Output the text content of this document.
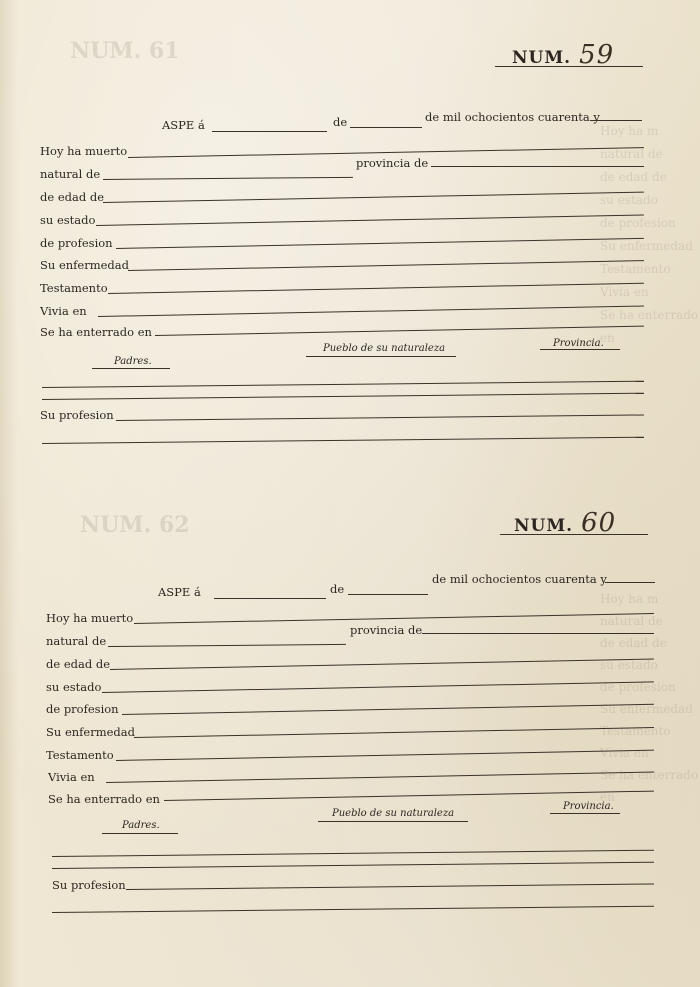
NUM. 61
NUM. 62
Hoy ha m
natural de
de edad de
su estado
de profesion
Su enfermedad
Testamento
Vivia en
Se ha enterrado en
Hoy ha m
natural de
de edad de
su estado
de profesion
Su enfermedad
Testamento
Vivia en
Se ha enterrado en
NUM. 59
ASPE á	de	de mil ochocientos cuarenta y
Hoy ha muerto
natural de
provincia de
de edad de
su estado
de profesion
Su enfermedad
Testamento
Vivia en
Se ha enterrado en
Padres.
Pueblo de su naturaleza	Provincia.
Su profesion
NUM. 60
ASPE á	de
de mil ochocientos cuarenta y
Hoy ha muerto
natural de
provincia de
de edad de
su estado
de profesion
Su enfermedad
Testamento
Vivia en
Se ha enterrado en
Padres.
Pueblo de su naturaleza
Provincia.
Su profesion
